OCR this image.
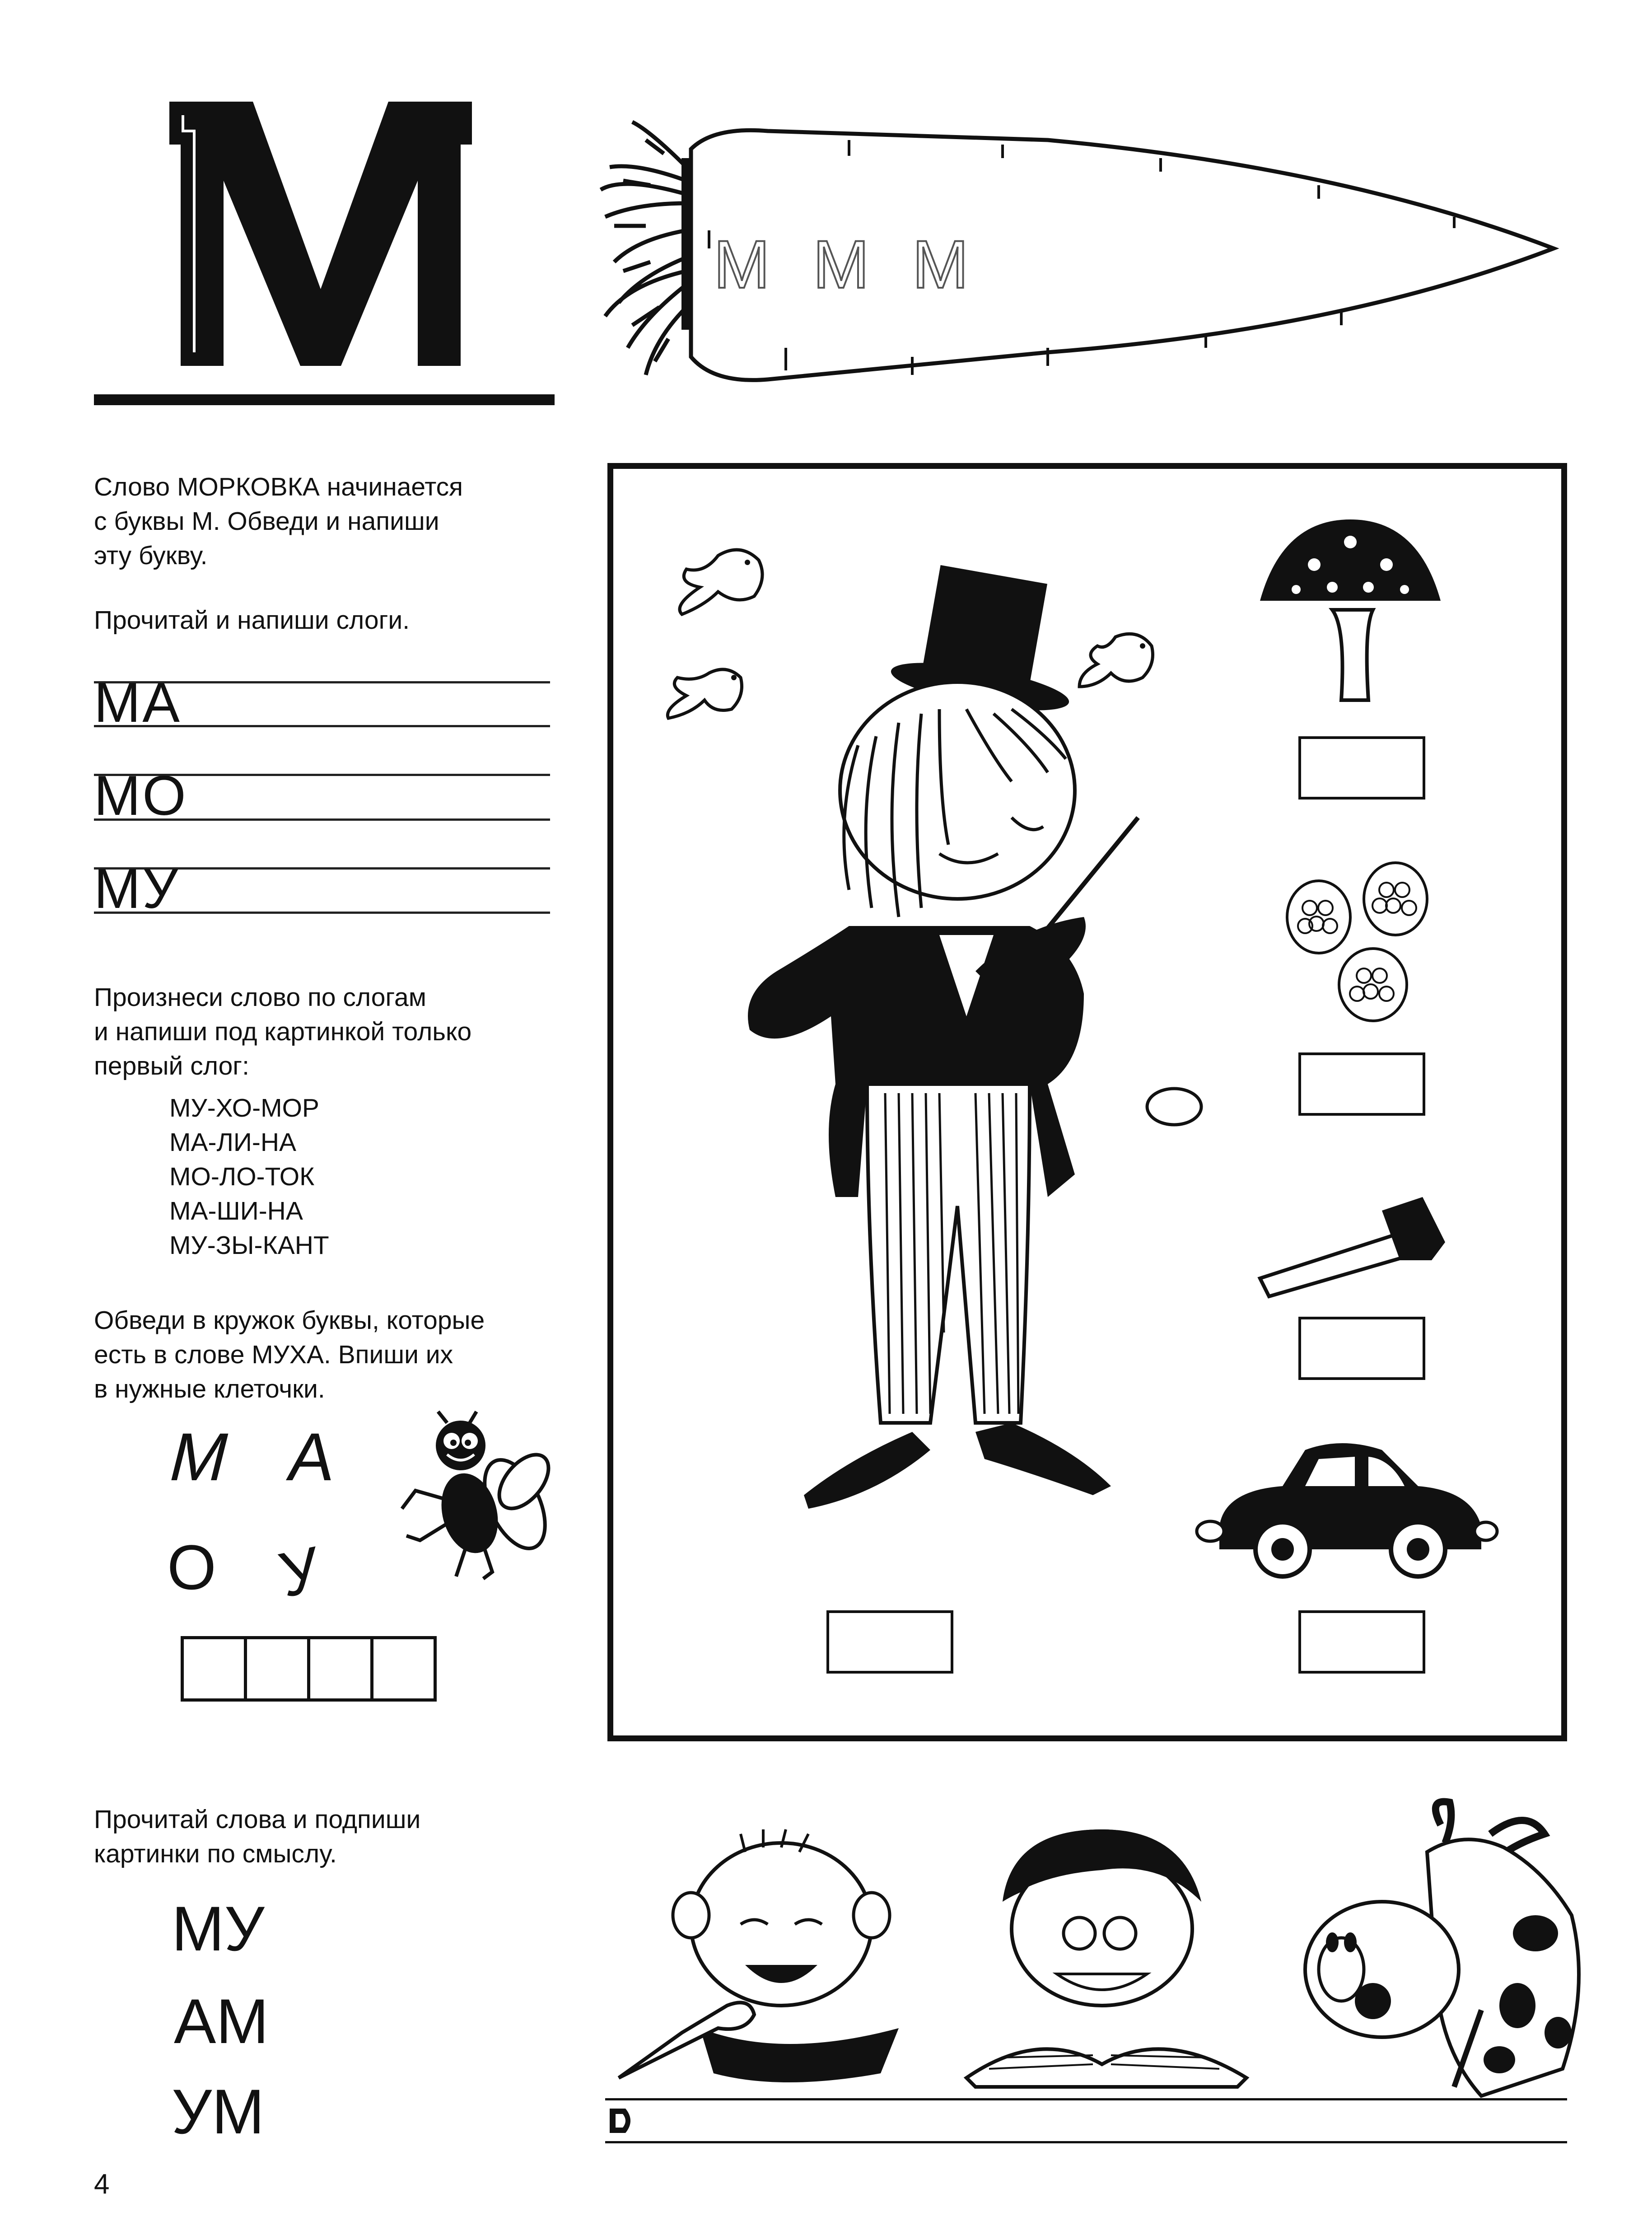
М М М
Слово МОРКОВКА начинается
с буквы М. Обведи и напиши
эту букву.
Прочитай и напиши слоги.
МА
МО
МУ
Произнеси слово по слогам
и напиши под картинкой только
первый слог:
МУ-ХО-МОР
МА-ЛИ-НА
МО-ЛО-ТОК
МА-ШИ-НА
МУ-ЗЫ-КАНТ
Обведи в кружок буквы, которые
есть в слове МУХА. Впиши их
в нужные клеточки.
М А
О У
Прочитай слова и подпиши
картинки по смыслу.
МУ
АМ
УМ
4
